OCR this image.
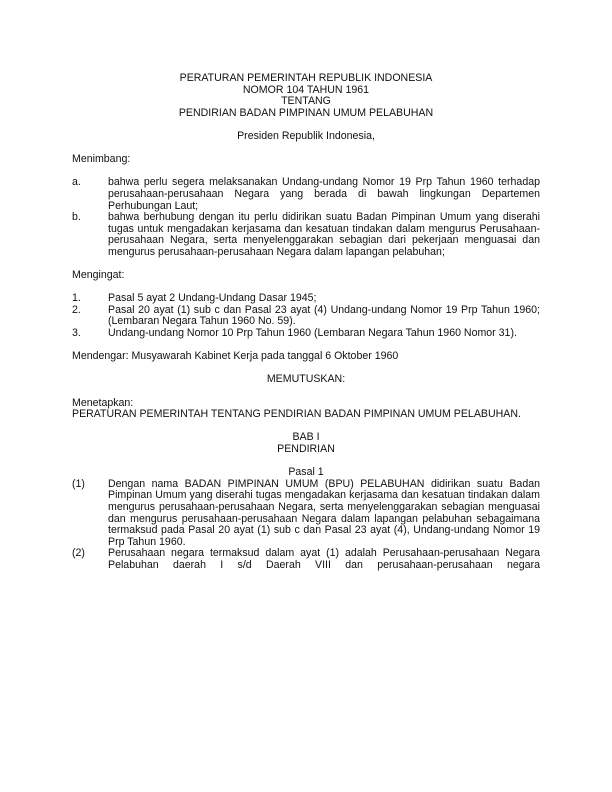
PERATURAN PEMERINTAH REPUBLIK INDONESIA
NOMOR 104 TAHUN 1961
TENTANG
PENDIRIAN BADAN PIMPINAN UMUM PELABUHAN
Presiden Republik Indonesia,
Menimbang:
a.	bahwa perlu segera melaksanakan Undang-undang Nomor 19 Prp Tahun 1960 terhadap perusahaan-perusahaan Negara yang berada di bawah lingkungan Departemen Perhubungan Laut;
b.	bahwa berhubung dengan itu perlu didirikan suatu Badan Pimpinan Umum yang diserahi tugas untuk mengadakan kerjasama dan kesatuan tindakan dalam mengurus Perusahaan-perusahaan Negara, serta menyelenggarakan sebagian dari pekerjaan menguasai dan mengurus perusahaan-perusahaan Negara dalam lapangan pelabuhan;
Mengingat:
1.	Pasal 5 ayat 2 Undang-Undang Dasar 1945;
2.	Pasal 20 ayat (1) sub c dan Pasal 23 ayat (4) Undang-undang Nomor 19 Prp Tahun 1960; (Lembaran Negara Tahun 1960 No. 59).
3.	Undang-undang Nomor 10 Prp Tahun 1960 (Lembaran Negara Tahun 1960 Nomor 31).
Mendengar: Musyawarah Kabinet Kerja pada tanggal 6 Oktober 1960
MEMUTUSKAN:
Menetapkan:
PERATURAN PEMERINTAH TENTANG PENDIRIAN BADAN PIMPINAN UMUM PELABUHAN.
BAB I
PENDIRIAN
Pasal 1
(1)	Dengan nama BADAN PIMPINAN UMUM (BPU) PELABUHAN didirikan suatu Badan Pimpinan Umum yang diserahi tugas mengadakan kerjasama dan kesatuan tindakan dalam mengurus perusahaan-perusahaan Negara, serta menyelenggarakan sebagian menguasai dan mengurus perusahaan-perusahaan Negara dalam lapangan pelabuhan sebagaimana termaksud pada Pasal 20 ayat (1) sub c dan Pasal 23 ayat (4), Undang-undang Nomor 19 Prp Tahun 1960.
(2)	Perusahaan negara termaksud dalam ayat (1) adalah Perusahaan-perusahaan Negara Pelabuhan daerah I s/d Daerah VIII dan perusahaan-perusahaan negara
